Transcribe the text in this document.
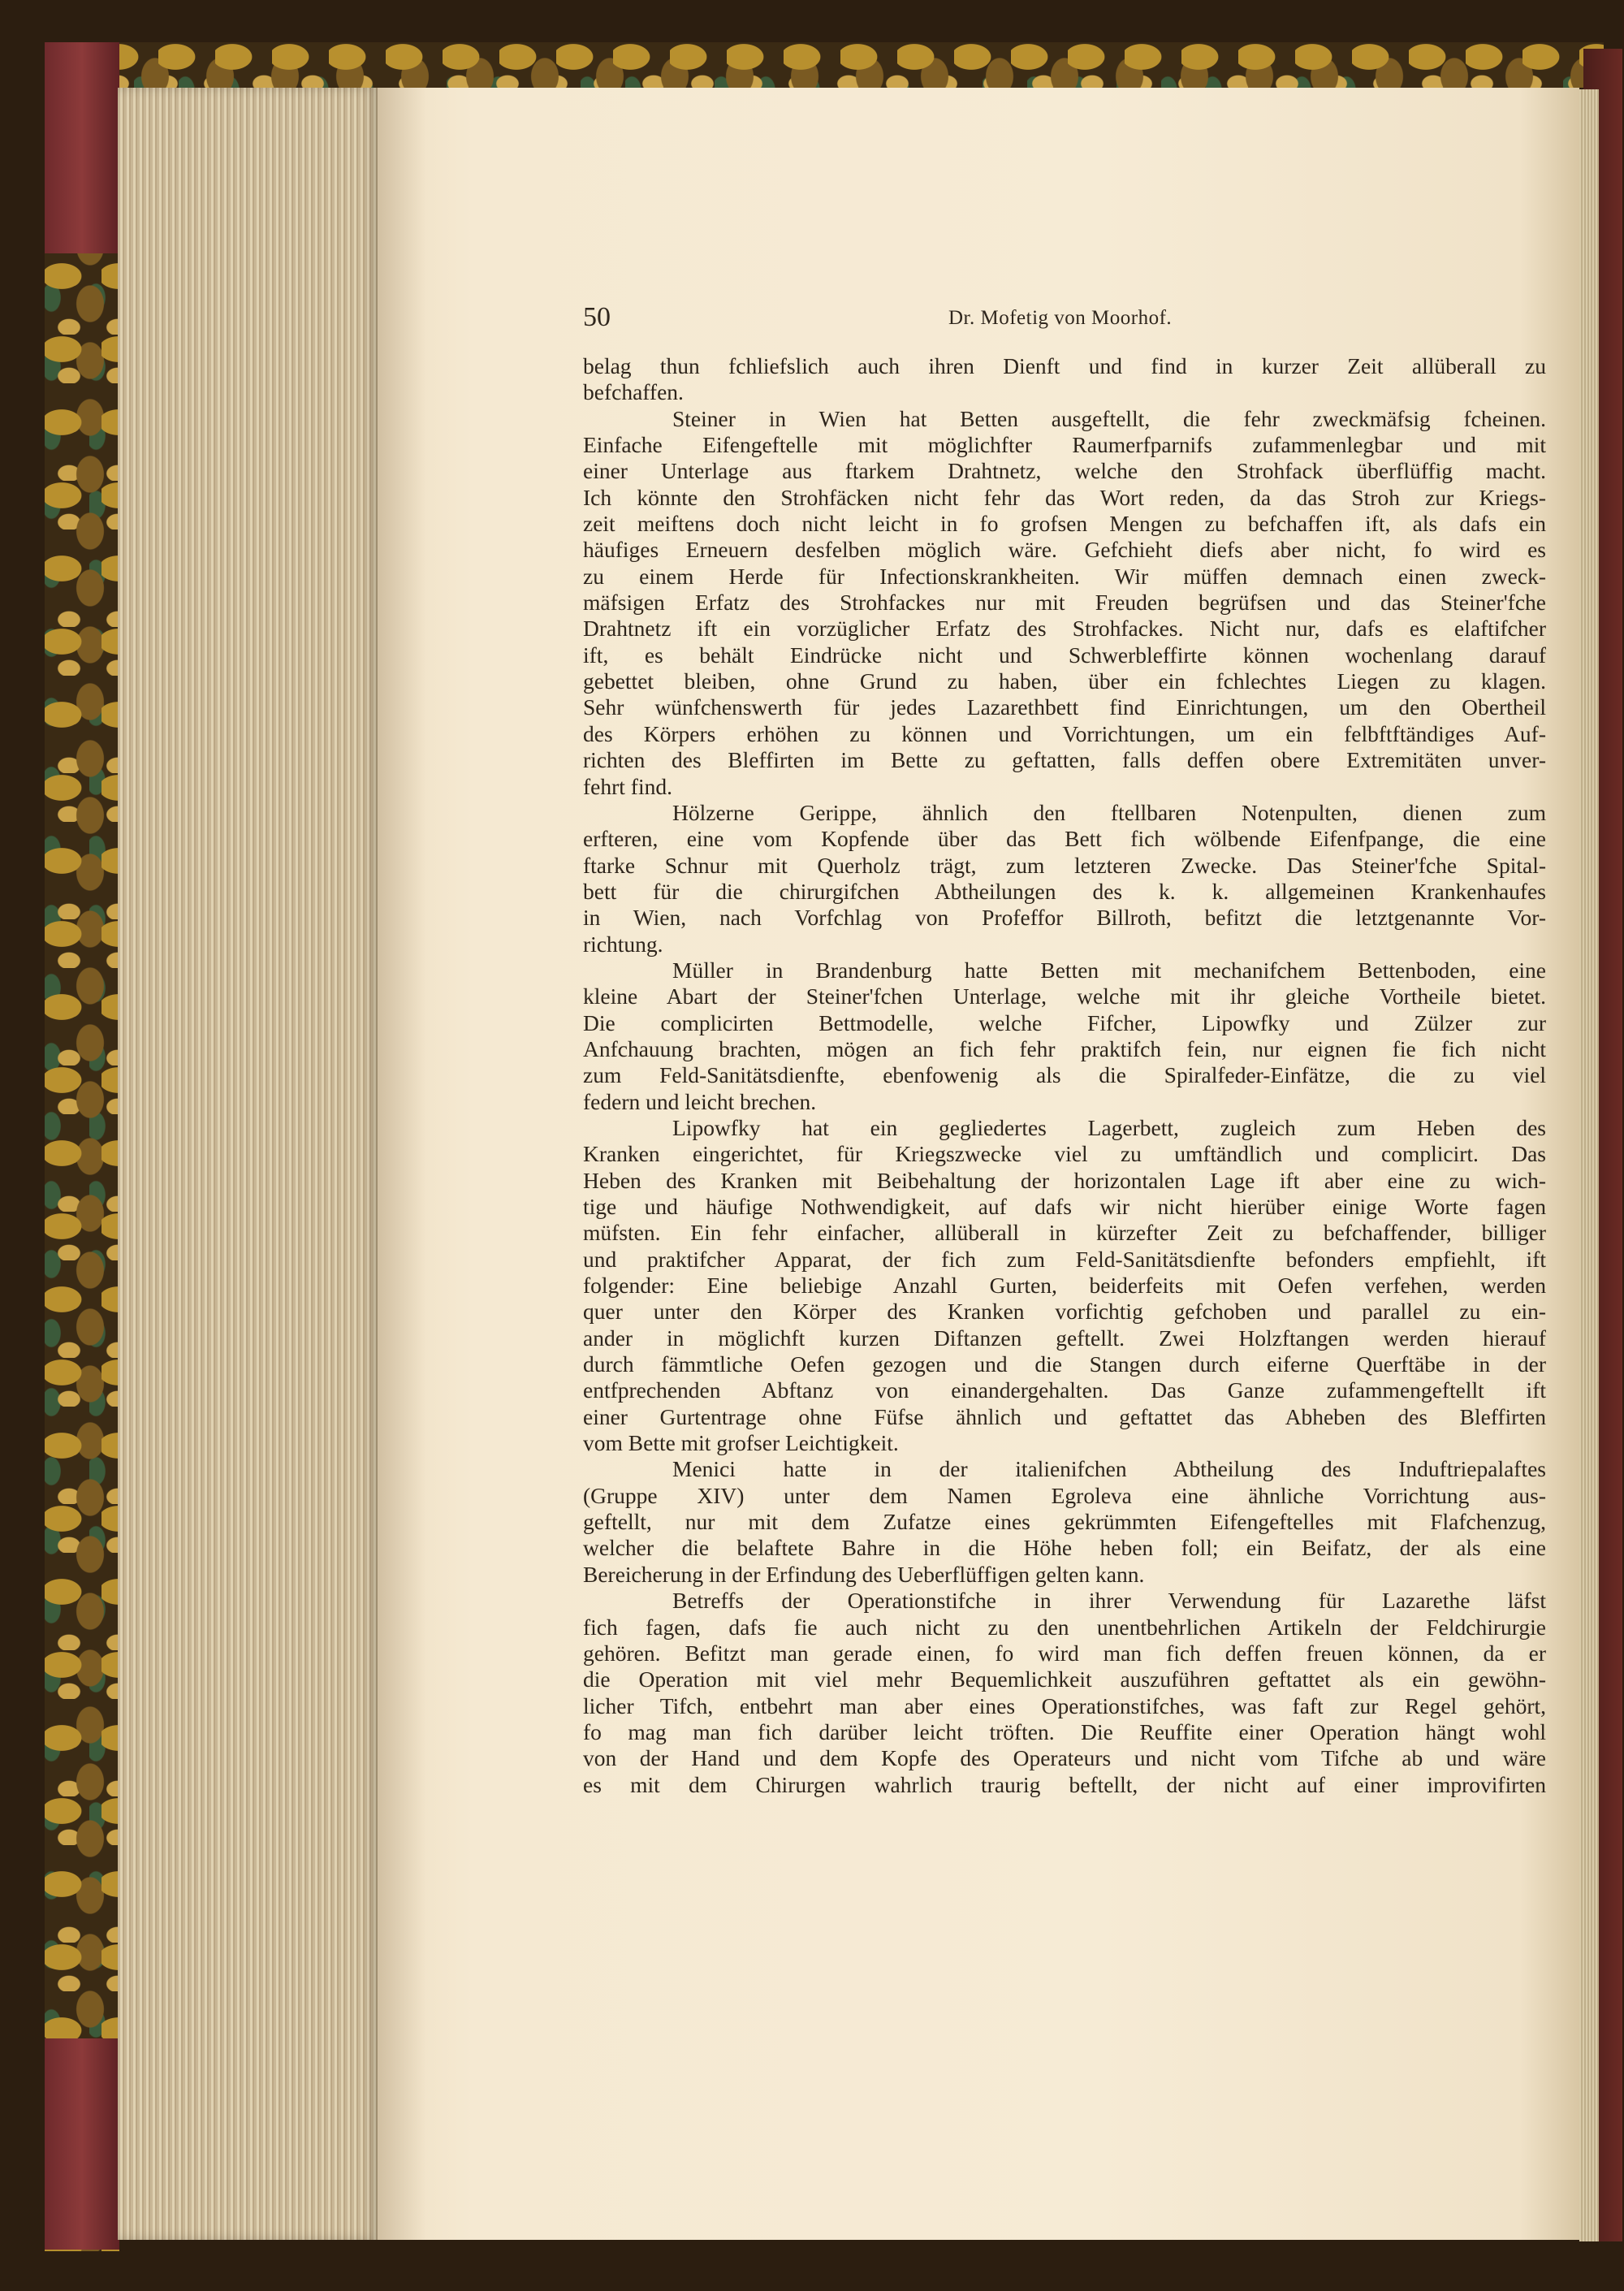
50	Dr. Mofetig von Moorhof.
belag thun fchliefslich auch ihren Dienft und find in kurzer Zeit allüberall zu
befchaffen.
Steiner in Wien hat Betten ausgeftellt, die fehr zweckmäfsig fcheinen.
Einfache Eifengeftelle mit möglichfter Raumerfparnifs zufammenlegbar und mit
einer Unterlage aus ftarkem Drahtnetz, welche den Strohfack überflüffig macht.
Ich könnte den Strohfäcken nicht fehr das Wort reden, da das Stroh zur Kriegs-
zeit meiftens doch nicht leicht in fo grofsen Mengen zu befchaffen ift, als dafs ein
häufiges Erneuern desfelben möglich wäre. Gefchieht diefs aber nicht, fo wird es
zu einem Herde für Infectionskrankheiten. Wir müffen demnach einen zweck-
mäfsigen Erfatz des Strohfackes nur mit Freuden begrüfsen und das Steiner'fche
Drahtnetz ift ein vorzüglicher Erfatz des Strohfackes. Nicht nur, dafs es elaftifcher
ift, es behält Eindrücke nicht und Schwerbleffirte können wochenlang darauf
gebettet bleiben, ohne Grund zu haben, über ein fchlechtes Liegen zu klagen.
Sehr wünfchenswerth für jedes Lazarethbett find Einrichtungen, um den Obertheil
des Körpers erhöhen zu können und Vorrichtungen, um ein felbftftändiges Auf-
richten des Bleffirten im Bette zu geftatten, falls deffen obere Extremitäten unver-
fehrt find.
Hölzerne Gerippe, ähnlich den ftellbaren Notenpulten, dienen zum
erfteren, eine vom Kopfende über das Bett fich wölbende Eifenfpange, die eine
ftarke Schnur mit Querholz trägt, zum letzteren Zwecke. Das Steiner'fche Spital-
bett für die chirurgifchen Abtheilungen des k. k. allgemeinen Krankenhaufes
in Wien, nach Vorfchlag von Profeffor Billroth, befitzt die letztgenannte Vor-
richtung.
Müller in Brandenburg hatte Betten mit mechanifchem Bettenboden, eine
kleine Abart der Steiner'fchen Unterlage, welche mit ihr gleiche Vortheile bietet.
Die complicirten Bettmodelle, welche Fifcher, Lipowfky und Zülzer zur
Anfchauung brachten, mögen an fich fehr praktifch fein, nur eignen fie fich nicht
zum Feld-Sanitätsdienfte, ebenfowenig als die Spiralfeder-Einfätze, die zu viel
federn und leicht brechen.
Lipowfky hat ein gegliedertes Lagerbett, zugleich zum Heben des
Kranken eingerichtet, für Kriegszwecke viel zu umftändlich und complicirt. Das
Heben des Kranken mit Beibehaltung der horizontalen Lage ift aber eine zu wich-
tige und häufige Nothwendigkeit, auf dafs wir nicht hierüber einige Worte fagen
müfsten. Ein fehr einfacher, allüberall in kürzefter Zeit zu befchaffender, billiger
und praktifcher Apparat, der fich zum Feld-Sanitätsdienfte befonders empfiehlt, ift
folgender: Eine beliebige Anzahl Gurten, beiderfeits mit Oefen verfehen, werden
quer unter den Körper des Kranken vorfichtig gefchoben und parallel zu ein-
ander in möglichft kurzen Diftanzen geftellt. Zwei Holzftangen werden hierauf
durch fämmtliche Oefen gezogen und die Stangen durch eiferne Querftäbe in der
entfprechenden Abftanz von einandergehalten. Das Ganze zufammengeftellt ift
einer Gurtentrage ohne Füfse ähnlich und geftattet das Abheben des Bleffirten
vom Bette mit grofser Leichtigkeit.
Menici hatte in der italienifchen Abtheilung des Induftriepalaftes
(Gruppe XIV) unter dem Namen Egroleva eine ähnliche Vorrichtung aus-
geftellt, nur mit dem Zufatze eines gekrümmten Eifengeftelles mit Flafchenzug,
welcher die belaftete Bahre in die Höhe heben foll; ein Beifatz, der als eine
Bereicherung in der Erfindung des Ueberflüffigen gelten kann.
Betreffs der Operationstifche in ihrer Verwendung für Lazarethe läfst
fich fagen, dafs fie auch nicht zu den unentbehrlichen Artikeln der Feldchirurgie
gehören. Befitzt man gerade einen, fo wird man fich deffen freuen können, da er
die Operation mit viel mehr Bequemlichkeit auszuführen geftattet als ein gewöhn-
licher Tifch, entbehrt man aber eines Operationstifches, was faft zur Regel gehört,
fo mag man fich darüber leicht tröften. Die Reuffite einer Operation hängt wohl
von der Hand und dem Kopfe des Operateurs und nicht vom Tifche ab und wäre
es mit dem Chirurgen wahrlich traurig beftellt, der nicht auf einer improvifirten
